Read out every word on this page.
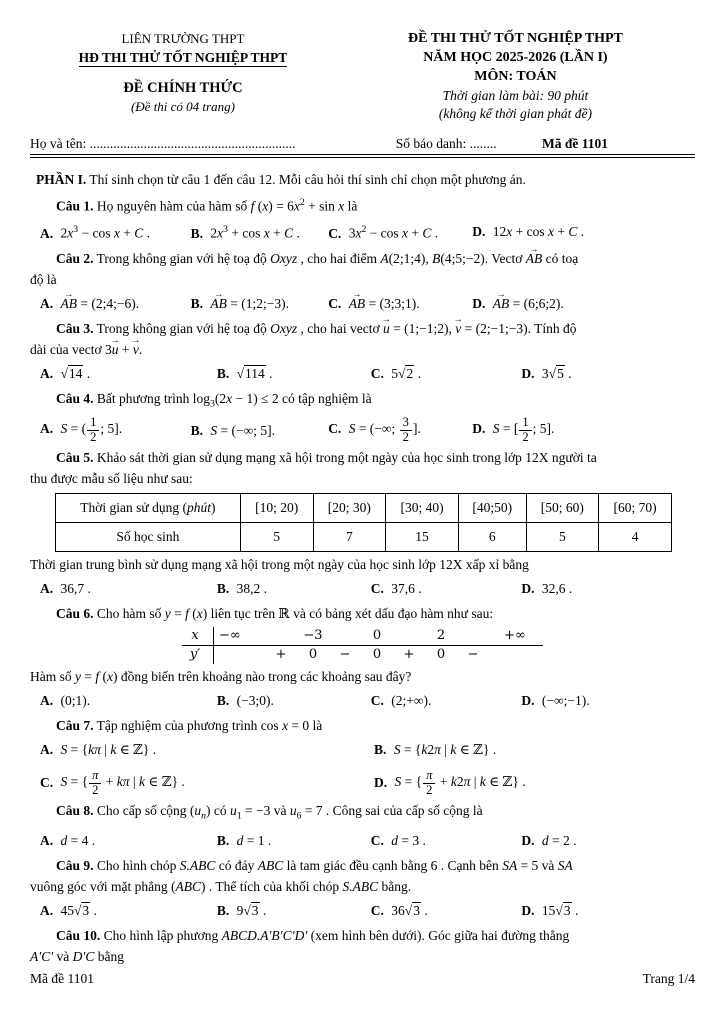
LIÊN TRƯỜNG THPT
HĐ THI THỬ TỐT NGHIỆP THPT
ĐỀ CHÍNH THỨC
(Đề thi có 04 trang)
ĐỀ THI THỬ TỐT NGHIỆP THPT
NĂM HỌC 2025-2026 (LẦN I)
MÔN: TOÁN
Thời gian làm bài: 90 phút
(không kể thời gian phát đề)
Họ và tên: .............................................................	Số báo danh: ........	Mã đề 1101
PHẦN I. Thí sinh chọn từ câu 1 đến câu 12. Mỗi câu hỏi thí sinh chỉ chọn một phương án.
Câu 1. Họ nguyên hàm của hàm số f $(x) = 6x^2 + \sin x$ là
A. $2x^3 - \cos x + C$ .	B. $2x^3 + \cos x + C$ .	C. $3x^2 - \cos x + C$ .	D. 12x + cos x + C .
Câu 2. Trong không gian với hệ toạ độ Oxyz , cho hai điểm A(2;1;4), B(4;5;−2). Vectơ AB → có toạ
độ là
A. AB → = (2;4;−6).	B. AB → = (1;2;−3).	C. AB → = (3;3;1).	D. AB → = (6;6;2).
Câu 3. Trong không gian với hệ toạ độ Oxyz , cho hai vectơ u → = (1;−1;2), v → = (2;−1;−3). Tính độ
dài của vectơ 3u → + v →.
A. √14 .	B. √114 .	C. 5√2 .	D. 3√5 .
Câu 4. Bất phương trình $\log_3(2x - 1) \le 2$ có tập nghiệm là
A. S = ( $\frac{1}{2}$ ; 5].	B. S = (−∞; 5].	C. S = (−∞; $\frac{3}{2}$ ].	D. S = [ $\frac{1}{2}$ ; 5].
Câu 5. Khảo sát thời gian sử dụng mạng xã hội trong một ngày của học sinh trong lớp 12X người ta
thu được mẫu số liệu như sau:
Thời gian sử dụng (phút)	[10; 20)	[20; 30)	[30; 40)	[40;50)	[50; 60)	[60; 70)
Số học sinh	5	7	15	6	5	4
Thời gian trung bình sử dụng mạng xã hội trong một ngày của học sinh lớp 12X xấp xỉ bằng
A. 36,7 .	B. 38,2 .	C. 37,6 .	D. 32,6 .
Câu 6. Cho hàm số y = f (x) liên tục trên ℝ và có bảng xét dấu đạo hàm như sau:
x	−∞		−3		0		2		+∞
y′		+	0	−	0	+	0	−	
Hàm số y = f (x) đồng biến trên khoảng nào trong các khoảng sau đây?
A. (0;1).	B. (−3;0).	C. (2;+∞).	D. (−∞;−1).
Câu 7. Tập nghiệm của phương trình cos x = 0 là
A. S = {kπ | k ∈ ℤ} .	B. S = {k2π | k ∈ ℤ} .
C. S = { $\frac{\pi}{2} + k\pi$ | k ∈ ℤ} .	D. S = { $\frac{\pi}{2} + k2\pi$ | k ∈ ℤ} .
Câu 8. Cho cấp số cộng $(u_n)$ có $u_1 = -3$ và $u_6 = 7$ . Công sai của cấp số cộng là
A. d = 4 .	B. d = 1 .	C. d = 3 .	D. d = 2 .
Câu 9. Cho hình chóp S.ABC có đáy ABC là tam giác đều cạnh bằng 6 . Cạnh bên SA = 5 và SA
vuông góc với mặt phẳng (ABC) . Thể tích của khối chóp S.ABC bằng.
A. 45√3 .	B. 9√3 .	C. 36√3 .	D. 15√3 .
Câu 10. Cho hình lập phương ABCD.A′B′C′D′ (xem hình bên dưới). Góc giữa hai đường thẳng
A′C′ và D′C bằng
Mã đề 1101	Trang 1/4
